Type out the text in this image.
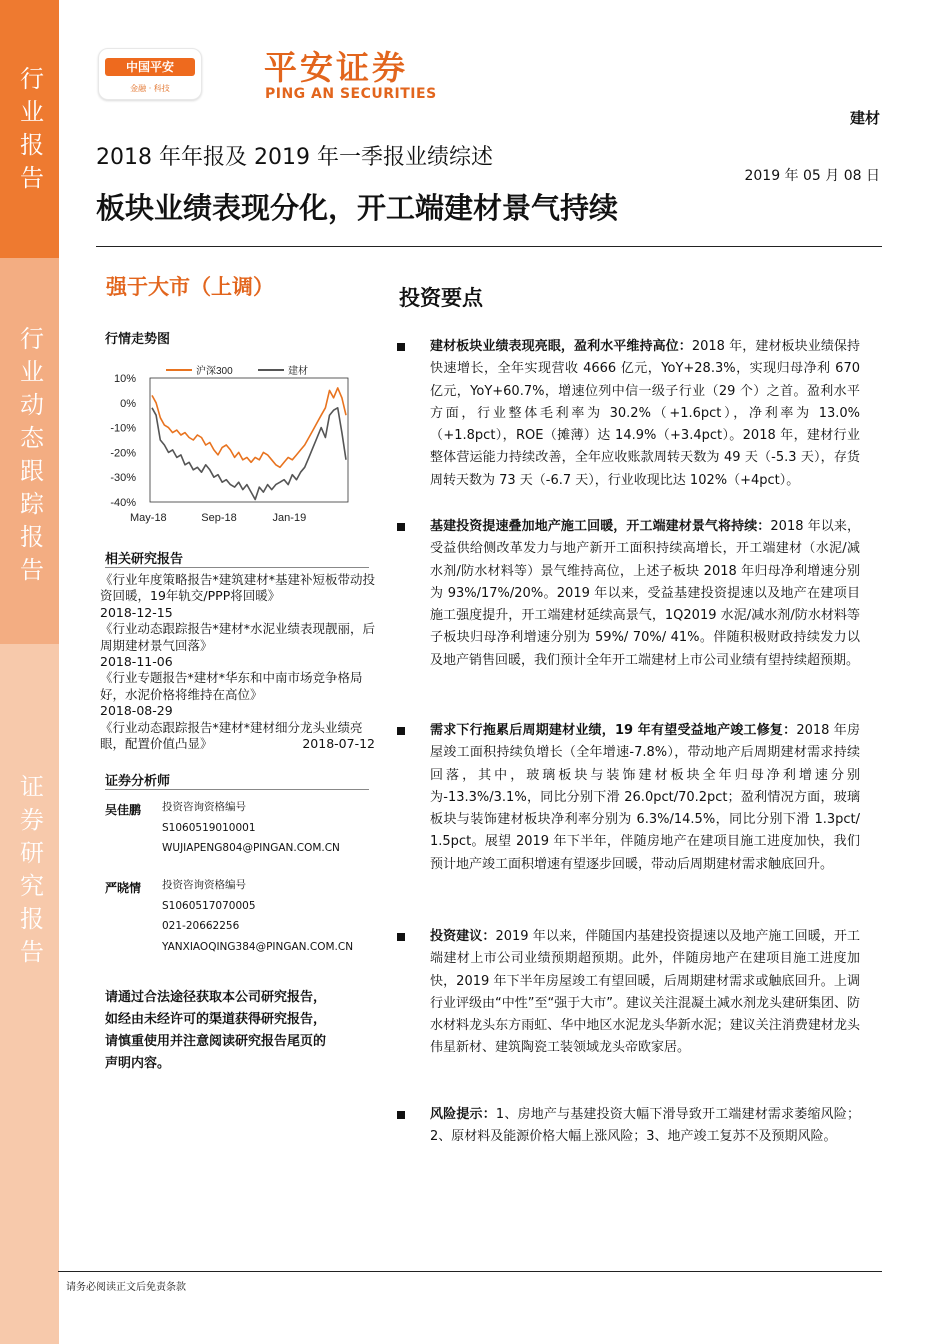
行业报告
行业动态跟踪报告
证券研究报告
中国平安
金融 · 科技
平安证券
PING AN SECURITIES
建材
2018 年年报及 2019 年一季报业绩综述
2019 年 05 月 08 日
板块业绩表现分化，开工端建材景气持续
强于大市（上调）
行情走势图
10%
0%
-10%
-20%
-30%
-40%
May-18	Sep-18	Jan-19
沪深300	建材
相关研究报告
《行业年度策略报告*建筑建材*基建补短板带动投资回暖，19年轨交/PPP将回暖》
2018-12-15
《行业动态跟踪报告*建材*水泥业绩表现靓丽，后周期建材景气回落》
2018-11-06
《行业专题报告*建材*华东和中南市场竞争格局好，水泥价格将维持在高位》
2018-08-29
《行业动态跟踪报告*建材*建材细分龙头业绩亮眼，配置价值凸显》	2018-07-12
证券分析师
吴佳鹏 投资咨询资格编号
S1060519010001
WUJIAPENG804@PINGAN.COM.CN
严晓情 投资咨询资格编号
S1060517070005
021-20662256
YANXIAOQING384@PINGAN.COM.CN
请通过合法途径获取本公司研究报告，如经由未经许可的渠道获得研究报告，请慎重使用并注意阅读研究报告尾页的声明内容。
投资要点
建材板块业绩表现亮眼，盈利水平维持高位：2018 年，建材板块业绩保持快速增长，全年实现营收 4666 亿元，YoY+28.3%，实现归母净利 670 亿元，YoY+60.7%，增速位列中信一级子行业（29 个）之首。盈利水平方面，行业整体毛利率为 30.2%（+1.6pct），净利率为 13.0%（+1.8pct），ROE（摊薄）达 14.9%（+3.4pct）。2018 年，建材行业整体营运能力持续改善，全年应收账款周转天数为 49 天（-5.3 天），存货周转天数为 73 天（-6.7 天），行业收现比达 102%（+4pct）。
基建投资提速叠加地产施工回暖，开工端建材景气将持续：2018 年以来，受益供给侧改革发力与地产新开工面积持续高增长，开工端建材（水泥/减水剂/防水材料等）景气维持高位，上述子板块 2018 年归母净利增速分别为 93%/17%/20%。2019 年以来，受益基建投资提速以及地产在建项目施工强度提升，开工端建材延续高景气，1Q2019 水泥/减水剂/防水材料等子板块归母净利增速分别为 59%/ 70%/ 41%。伴随积极财政持续发力以及地产销售回暖，我们预计全年开工端建材上市公司业绩有望持续超预期。
需求下行拖累后周期建材业绩，19 年有望受益地产竣工修复：2018 年房屋竣工面积持续负增长（全年增速-7.8%），带动地产后周期建材需求持续回落，其中，玻璃板块与装饰建材板块全年归母净利增速分别为-13.3%/3.1%，同比分别下滑 26.0pct/70.2pct；盈利情况方面，玻璃板块与装饰建材板块净利率分别为 6.3%/14.5%，同比分别下滑 1.3pct/ 1.5pct。展望 2019 年下半年，伴随房地产在建项目施工进度加快，我们预计地产竣工面积增速有望逐步回暖，带动后周期建材需求触底回升。
投资建议：2019 年以来，伴随国内基建投资提速以及地产施工回暖，开工端建材上市公司业绩预期超预期。此外，伴随房地产在建项目施工进度加快，2019 年下半年房屋竣工有望回暖，后周期建材需求或触底回升。上调行业评级由“中性”至“强于大市”。建议关注混凝土减水剂龙头建研集团、防水材料龙头东方雨虹、华中地区水泥龙头华新水泥；建议关注消费建材龙头伟星新材、建筑陶瓷工装领域龙头帝欧家居。
风险提示：1、房地产与基建投资大幅下滑导致开工端建材需求萎缩风险；2、原材料及能源价格大幅上涨风险；3、地产竣工复苏不及预期风险。
请务必阅读正文后免责条款
